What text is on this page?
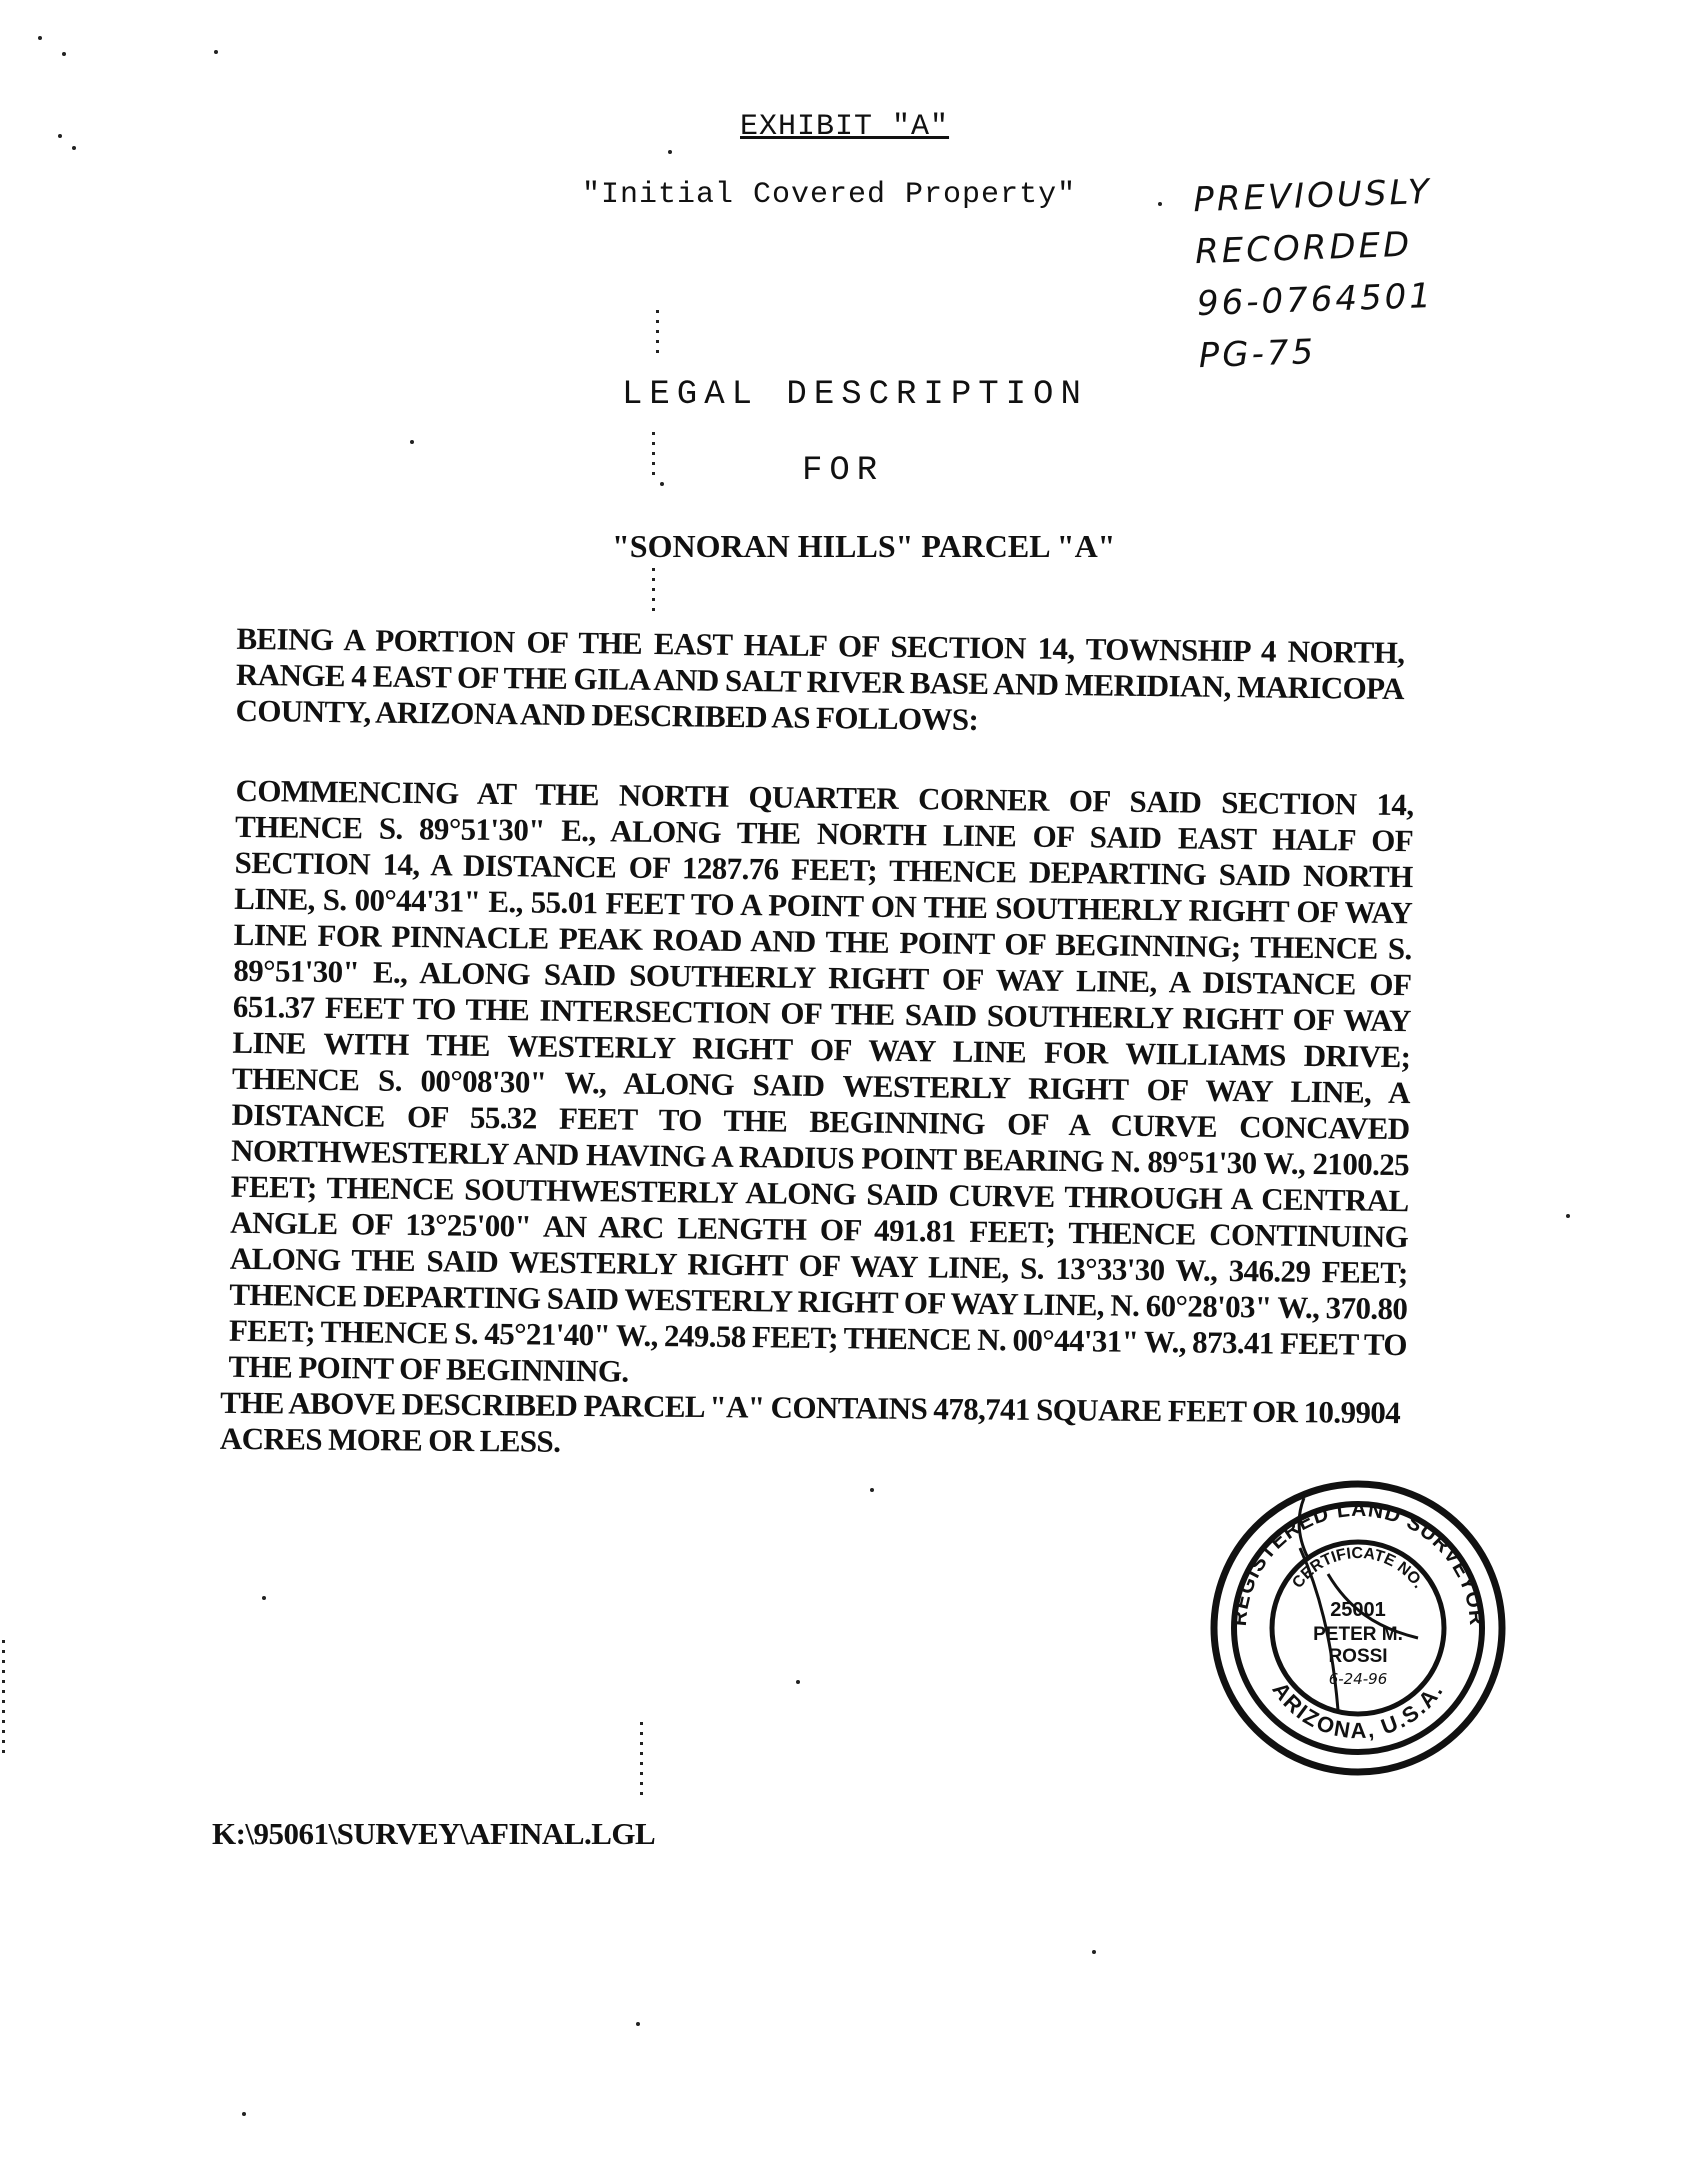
EXHIBIT "A"
"Initial Covered Property"	PREVIOUSLY
RECORDED
96-0764501
PG-75
LEGAL DESCRIPTION
FOR
"SONORAN HILLS" PARCEL "A"
BEING A PORTION OF THE EAST HALF OF SECTION 14, TOWNSHIP 4 NORTH, RANGE 4 EAST OF THE GILA AND SALT RIVER BASE AND MERIDIAN, MARICOPA COUNTY, ARIZONA AND DESCRIBED AS FOLLOWS:
COMMENCING AT THE NORTH QUARTER CORNER OF SAID SECTION 14, THENCE S. 89°51'30" E., ALONG THE NORTH LINE OF SAID EAST HALF OF SECTION 14, A DISTANCE OF 1287.76 FEET; THENCE DEPARTING SAID NORTH LINE, S. 00°44'31" E., 55.01 FEET TO A POINT ON THE SOUTHERLY RIGHT OF WAY LINE FOR PINNACLE PEAK ROAD AND THE POINT OF BEGINNING; THENCE S. 89°51'30" E., ALONG SAID SOUTHERLY RIGHT OF WAY LINE, A DISTANCE OF 651.37 FEET TO THE INTERSECTION OF THE SAID SOUTHERLY RIGHT OF WAY LINE WITH THE WESTERLY RIGHT OF WAY LINE FOR WILLIAMS DRIVE; THENCE S. 00°08'30" W., ALONG SAID WESTERLY RIGHT OF WAY LINE, A DISTANCE OF 55.32 FEET TO THE BEGINNING OF A CURVE CONCAVED NORTHWESTERLY AND HAVING A RADIUS POINT BEARING N. 89°51'30 W., 2100.25 FEET; THENCE SOUTHWESTERLY ALONG SAID CURVE THROUGH A CENTRAL ANGLE OF 13°25'00" AN ARC LENGTH OF 491.81 FEET; THENCE CONTINUING ALONG THE SAID WESTERLY RIGHT OF WAY LINE, S. 13°33'30 W., 346.29 FEET; THENCE DEPARTING SAID WESTERLY RIGHT OF WAY LINE, N. 60°28'03" W., 370.80 FEET; THENCE S. 45°21'40" W., 249.58 FEET; THENCE N. 00°44'31" W., 873.41 FEET TO THE POINT OF BEGINNING.
THE ABOVE DESCRIBED PARCEL "A" CONTAINS 478,741 SQUARE FEET OR 10.9904 ACRES MORE OR LESS.
REGISTERED LAND SURVEYOR
ARIZONA, U.S.A.
CERTIFICATE NO.
25001
PETER M.
ROSSI
6-24-96
K:\95061\SURVEY\AFINAL.LGL
